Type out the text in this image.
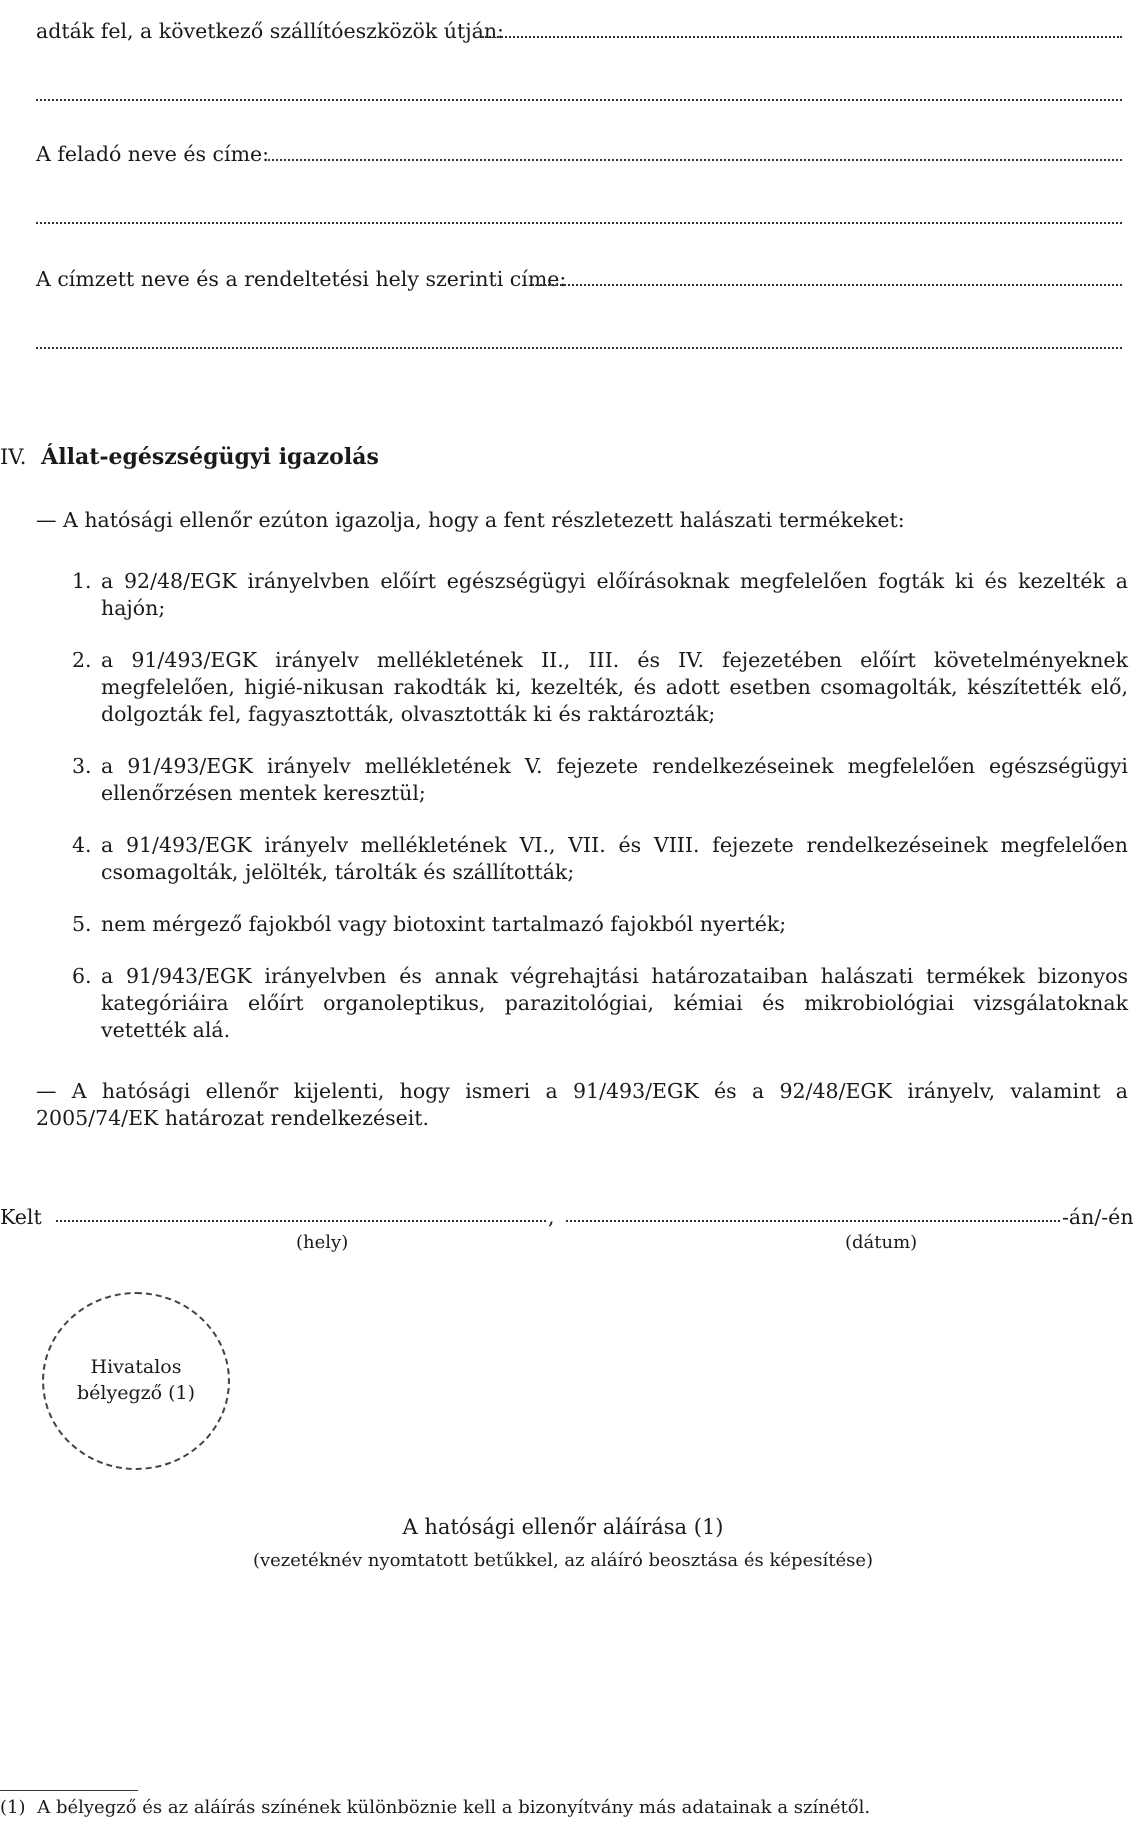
adták fel, a következő szállítóeszközök útján:
A feladó neve és címe:
A címzett neve és a rendeltetési hely szerinti címe:
IV. Állat-egészségügyi igazolás
— A hatósági ellenőr ezúton igazolja, hogy a fent részletezett halászati termékeket:
1. a 92/48/EGK irányelvben előírt egészségügyi előírásoknak megfelelően fogták ki és kezelték a hajón;
2. a 91/493/EGK irányelv mellékletének II., III. és IV. fejezetében előírt követelményeknek megfelelően, higié-nikusan rakodták ki, kezelték, és adott esetben csomagolták, készítették elő, dolgozták fel, fagyasztották, olvasztották ki és raktározták;
3. a 91/493/EGK irányelv mellékletének V. fejezete rendelkezéseinek megfelelően egészségügyi ellenőrzésen mentek keresztül;
4. a 91/493/EGK irányelv mellékletének VI., VII. és VIII. fejezete rendelkezéseinek megfelelően csomagolták, jelölték, tárolták és szállították;
5. nem mérgező fajokból vagy biotoxint tartalmazó fajokból nyerték;
6. a 91/943/EGK irányelvben és annak végrehajtási határozataiban halászati termékek bizonyos kategóriáira előírt organoleptikus, parazitológiai, kémiai és mikrobiológiai vizsgálatoknak vetették alá.
— A hatósági ellenőr kijelenti, hogy ismeri a 91/493/EGK és a 92/48/EGK irányelv, valamint a 2005/74/EK határozat rendelkezéseit.
Kelt	,	-án/-én
(hely)	(dátum)
Hivatalos
bélyegző (1)
A hatósági ellenőr aláírása (1)
(vezetéknév nyomtatott betűkkel, az aláíró beosztása és képesítése)
(1) A bélyegző és az aláírás színének különböznie kell a bizonyítvány más adatainak a színétől.
